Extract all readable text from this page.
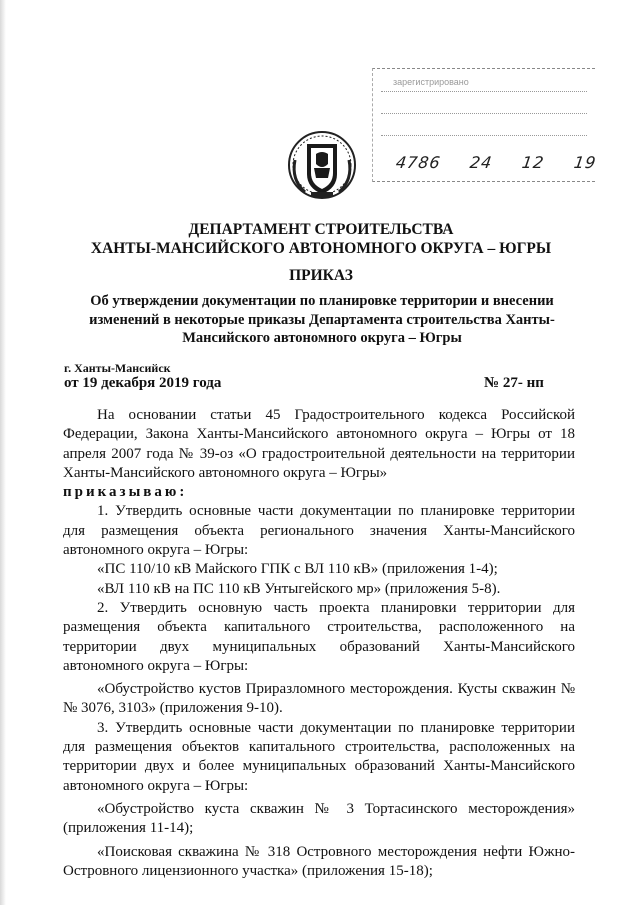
зарегистрировано
4786 24 12 19
ДЕПАРТАМЕНТ СТРОИТЕЛЬСТВА
ХАНТЫ-МАНСИЙСКОГО АВТОНОМНОГО ОКРУГА – ЮГРЫ
ПРИКАЗ
Об утверждении документации по планировке территории и внесении изменений в некоторые приказы Департамента строительства Ханты-Мансийского автономного округа – Югры
г. Ханты-Мансийск
от 19 декабря 2019 года	№ 27- нп

На основании статьи 45 Градостроительного кодекса Российской Федерации, Закона Ханты-Мансийского автономного округа – Югры от 18 апреля 2007 года № 39-оз «О градостроительной деятельности на территории Ханты-Мансийского автономного округа – Югры»

приказываю:

1. Утвердить основные части документации по планировке территории для размещения объекта регионального значения Ханты-Мансийского автономного округа – Югры:

«ПС 110/10 кВ Майского ГПК с ВЛ 110 кВ» (приложения 1-4);

«ВЛ 110 кВ на ПС 110 кВ Унтыгейского мр» (приложения 5-8).

2. Утвердить основную часть проекта планировки территории для размещения объекта капитального строительства, расположенного на территории двух муниципальных образований Ханты-Мансийского автономного округа – Югры:

«Обустройство кустов Приразломного месторождения. Кусты скважин №№ 3076, 3103» (приложения 9-10).

3. Утвердить основные части документации по планировке территории для размещения объектов капитального строительства, расположенных на территории двух и более муниципальных образований Ханты-Мансийского автономного округа – Югры:

«Обустройство куста скважин № 3 Тортасинского месторождения» (приложения 11-14);

«Поисковая скважина № 318 Островного месторождения нефти Южно-Островного лицензионного участка» (приложения 15-18);
